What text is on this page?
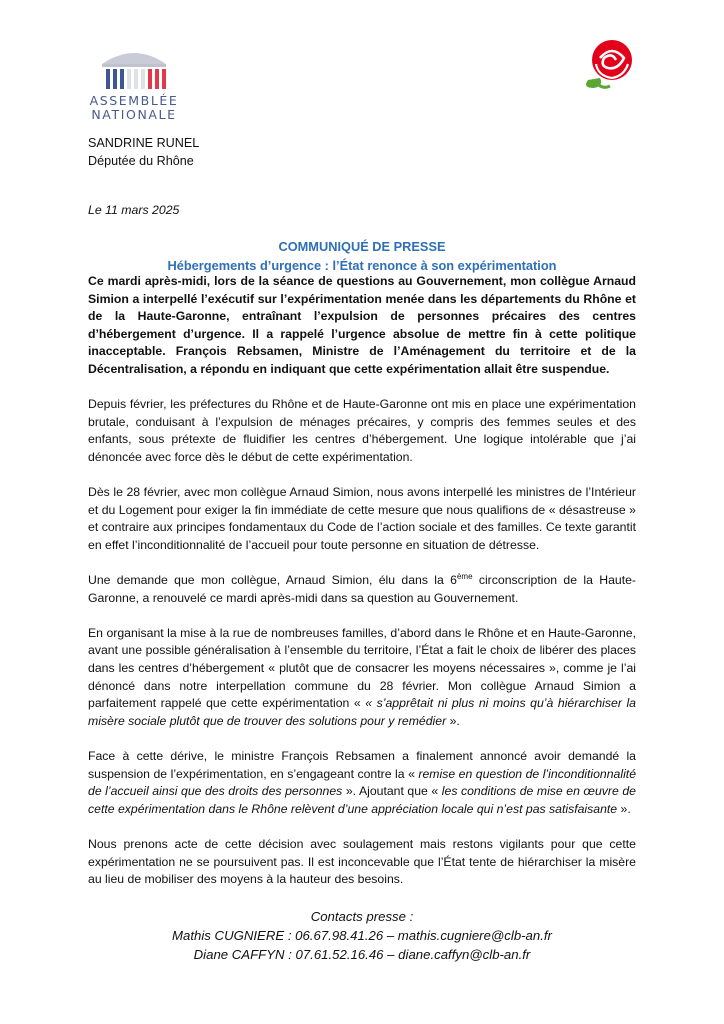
ASSEMBLÉE
NATIONALE
SANDRINE RUNEL
Députée du Rhône
Le 11 mars 2025
COMMUNIQUÉ DE PRESSE
Hébergements d’urgence : l’État renonce à son expérimentation

Ce mardi après-midi, lors de la séance de questions au Gouvernement, mon collègue Arnaud Simion a interpellé l’exécutif sur l’expérimentation menée dans les départements du Rhône et de la Haute-Garonne, entraînant l’expulsion de personnes précaires des centres d’hébergement d’urgence. Il a rappelé l’urgence absolue de mettre fin à cette politique inacceptable. François Rebsamen, Ministre de l’Aménagement du territoire et de la Décentralisation, a répondu en indiquant que cette expérimentation allait être suspendue.

Depuis février, les préfectures du Rhône et de Haute-Garonne ont mis en place une expérimentation brutale, conduisant à l’expulsion de ménages précaires, y compris des femmes seules et des enfants, sous prétexte de fluidifier les centres d’hébergement. Une logique intolérable que j’ai dénoncée avec force dès le début de cette expérimentation.

Dès le 28 février, avec mon collègue Arnaud Simion, nous avons interpellé les ministres de l’Intérieur et du Logement pour exiger la fin immédiate de cette mesure que nous qualifions de « désastreuse » et contraire aux principes fondamentaux du Code de l’action sociale et des familles. Ce texte garantit en effet l’inconditionnalité de l’accueil pour toute personne en situation de détresse.

Une demande que mon collègue, Arnaud Simion, élu dans la 6ème circonscription de la Haute-Garonne, a renouvelé ce mardi après-midi dans sa question au Gouvernement.

En organisant la mise à la rue de nombreuses familles, d’abord dans le Rhône et en Haute-Garonne, avant une possible généralisation à l’ensemble du territoire, l’État a fait le choix de libérer des places dans les centres d’hébergement « plutôt que de consacrer les moyens nécessaires », comme je l’ai dénoncé dans notre interpellation commune du 28 février. Mon collègue Arnaud Simion a parfaitement rappelé que cette expérimentation « « s’apprêtait ni plus ni moins qu’à hiérarchiser la misère sociale plutôt que de trouver des solutions pour y remédier ».

Face à cette dérive, le ministre François Rebsamen a finalement annoncé avoir demandé la suspension de l’expérimentation, en s’engageant contre la « remise en question de l’inconditionnalité de l’accueil ainsi que des droits des personnes ». Ajoutant que « les conditions de mise en œuvre de cette expérimentation dans le Rhône relèvent d’une appréciation locale qui n’est pas satisfaisante ».

Nous prenons acte de cette décision avec soulagement mais restons vigilants pour que cette expérimentation ne se poursuivent pas. Il est inconcevable que l’État tente de hiérarchiser la misère au lieu de mobiliser des moyens à la hauteur des besoins.

Contacts presse :
Mathis CUGNIERE : 06.67.98.41.26 – mathis.cugniere@clb-an.fr
Diane CAFFYN : 07.61.52.16.46 – diane.caffyn@clb-an.fr
